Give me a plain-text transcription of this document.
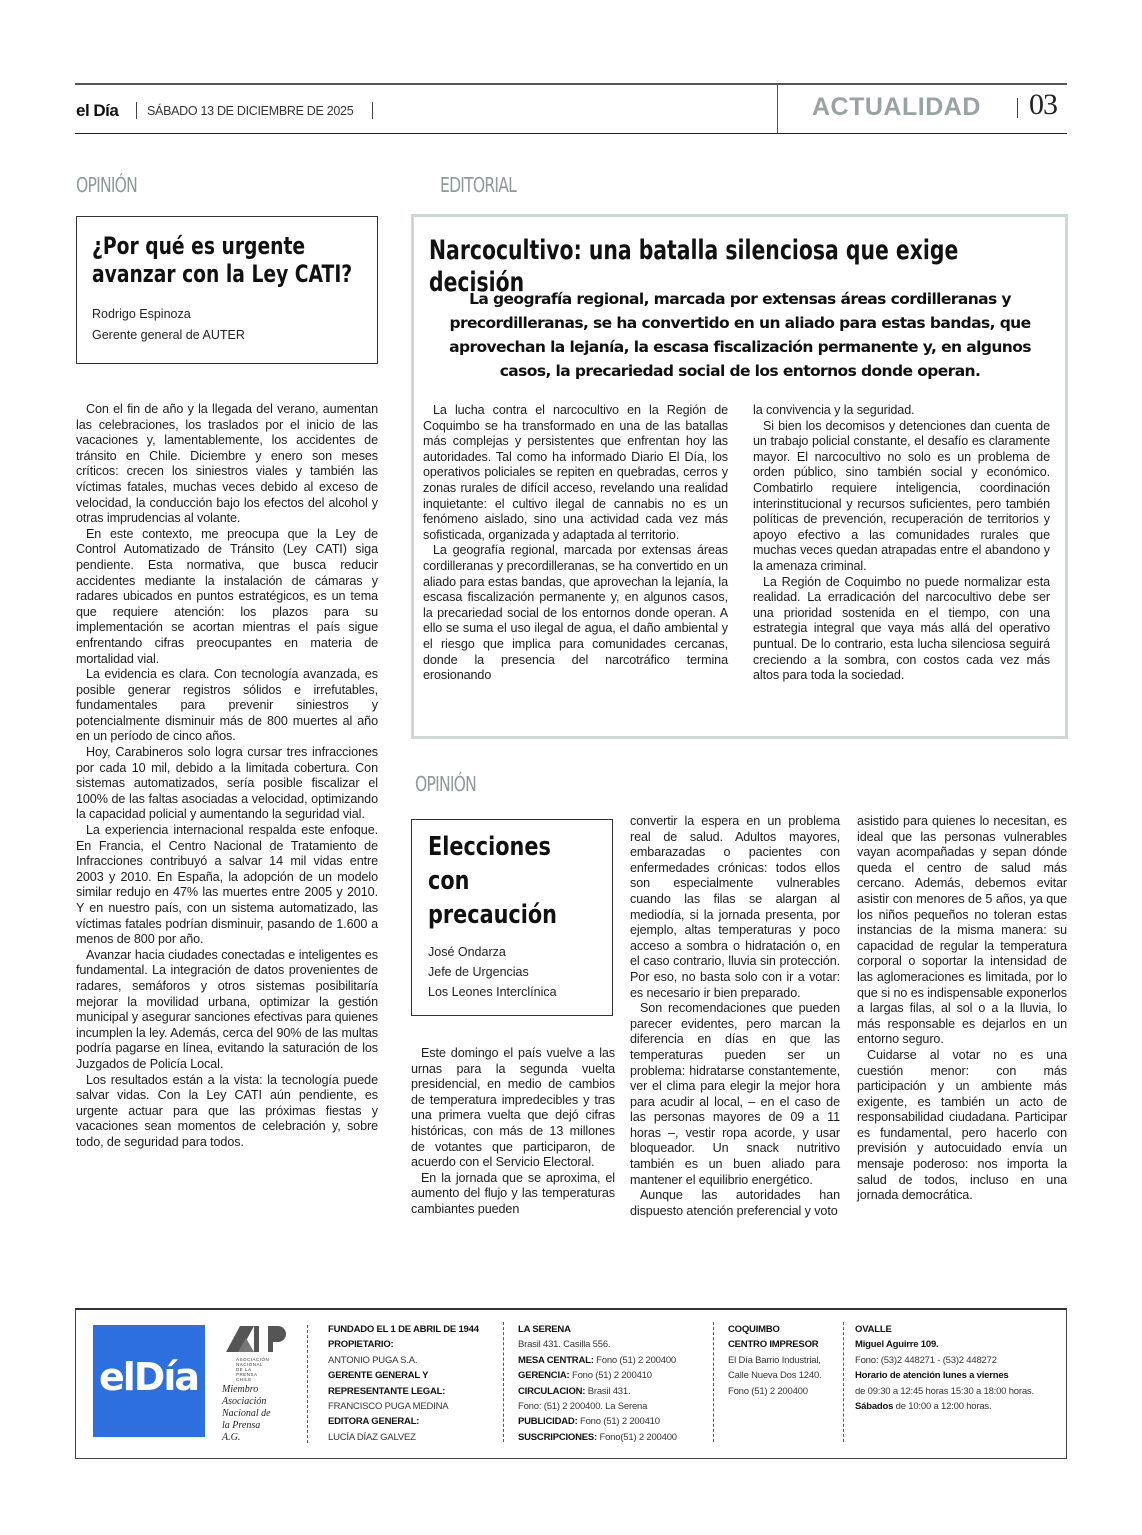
el Día SÁBADO 13 DE DICIEMBRE DE 2025	ACTUALIDAD 03
OPINIÓN
¿Por qué es urgente avanzar con la Ley CATI?
Rodrigo Espinoza
Gerente general de AUTER

Con el fin de año y la llegada del verano, aumentan las celebraciones, los traslados por el inicio de las vacaciones y, lamentablemente, los accidentes de tránsito en Chile. Diciembre y enero son meses críticos: crecen los siniestros viales y también las víctimas fatales, muchas veces debido al exceso de velocidad, la conducción bajo los efectos del alcohol y otras imprudencias al volante.

En este contexto, me preocupa que la Ley de Control Automatizado de Tránsito (Ley CATI) siga pendiente. Esta normativa, que busca reducir accidentes mediante la instalación de cámaras y radares ubicados en puntos estratégicos, es un tema que requiere atención: los plazos para su implementación se acortan mientras el país sigue enfrentando cifras preocupantes en materia de mortalidad vial.

La evidencia es clara. Con tecnología avanzada, es posible generar registros sólidos e irrefutables, fundamentales para prevenir siniestros y potencialmente disminuir más de 800 muertes al año en un período de cinco años.

Hoy, Carabineros solo logra cursar tres infracciones por cada 10 mil, debido a la limitada cobertura. Con sistemas automatizados, sería posible fiscalizar el 100% de las faltas asociadas a velocidad, optimizando la capacidad policial y aumentando la seguridad vial.

La experiencia internacional respalda este enfoque. En Francia, el Centro Nacional de Tratamiento de Infracciones contribuyó a salvar 14 mil vidas entre 2003 y 2010. En España, la adopción de un modelo similar redujo en 47% las muertes entre 2005 y 2010. Y en nuestro país, con un sistema automatizado, las víctimas fatales podrían disminuir, pasando de 1.600 a menos de 800 por año.

Avanzar hacia ciudades conectadas e inteligentes es fundamental. La integración de datos provenientes de radares, semáforos y otros sistemas posibilitaría mejorar la movilidad urbana, optimizar la gestión municipal y asegurar sanciones efectivas para quienes incumplen la ley. Además, cerca del 90% de las multas podría pagarse en línea, evitando la saturación de los Juzgados de Policía Local.

Los resultados están a la vista: la tecnología puede salvar vidas. Con la Ley CATI aún pendiente, es urgente actuar para que las próximas fiestas y vacaciones sean momentos de celebración y, sobre todo, de seguridad para todos.

EDITORIAL
Narcocultivo: una batalla silenciosa que exige decisión
La geografía regional, marcada por extensas áreas cordilleranas y precordilleranas, se ha convertido en un aliado para estas bandas, que aprovechan la lejanía, la escasa fiscalización permanente y, en algunos casos, la precariedad social de los entornos donde operan.

La lucha contra el narcocultivo en la Región de Coquimbo se ha transformado en una de las batallas más complejas y persistentes que enfrentan hoy las autoridades. Tal como ha informado Diario El Día, los operativos policiales se repiten en quebradas, cerros y zonas rurales de difícil acceso, revelando una realidad inquietante: el cultivo ilegal de cannabis no es un fenómeno aislado, sino una actividad cada vez más sofisticada, organizada y adaptada al territorio.

La geografía regional, marcada por extensas áreas cordilleranas y precordilleranas, se ha convertido en un aliado para estas bandas, que aprovechan la lejanía, la escasa fiscalización permanente y, en algunos casos, la precariedad social de los entornos donde operan. A ello se suma el uso ilegal de agua, el daño ambiental y el riesgo que implica para comunidades cercanas, donde la presencia del narcotráfico termina erosionando

la convivencia y la seguridad.

Si bien los decomisos y detenciones dan cuenta de un trabajo policial constante, el desafío es claramente mayor. El narcocultivo no solo es un problema de orden público, sino también social y económico. Combatirlo requiere inteligencia, coordinación interinstitucional y recursos suficientes, pero también políticas de prevención, recuperación de territorios y apoyo efectivo a las comunidades rurales que muchas veces quedan atrapadas entre el abandono y la amenaza criminal.

La Región de Coquimbo no puede normalizar esta realidad. La erradicación del narcocultivo debe ser una prioridad sostenida en el tiempo, con una estrategia integral que vaya más allá del operativo puntual. De lo contrario, esta lucha silenciosa seguirá creciendo a la sombra, con costos cada vez más altos para toda la sociedad.

OPINIÓN
Elecciones
con
precaución
José Ondarza
Jefe de Urgencias
Los Leones Interclínica

Este domingo el país vuelve a las urnas para la segunda vuelta presidencial, en medio de cambios de temperatura impredecibles y tras una primera vuelta que dejó cifras históricas, con más de 13 millones de votantes que participaron, de acuerdo con el Servicio Electoral.

En la jornada que se aproxima, el aumento del flujo y las temperaturas cambiantes pueden

convertir la espera en un problema real de salud. Adultos mayores, embarazadas o pacientes con enfermedades crónicas: todos ellos son especialmente vulnerables cuando las filas se alargan al mediodía, si la jornada presenta, por ejemplo, altas temperaturas y poco acceso a sombra o hidratación o, en el caso contrario, lluvia sin protección. Por eso, no basta solo con ir a votar: es necesario ir bien preparado.

Son recomendaciones que pueden parecer evidentes, pero marcan la diferencia en días en que las temperaturas pueden ser un problema: hidratarse constantemente, ver el clima para elegir la mejor hora para acudir al local, – en el caso de las personas mayores de 09 a 11 horas –, vestir ropa acorde, y usar bloqueador. Un snack nutritivo también es un buen aliado para mantener el equilibrio energético.

Aunque las autoridades han dispuesto atención preferencial y voto

asistido para quienes lo necesitan, es ideal que las personas vulnerables vayan acompañadas y sepan dónde queda el centro de salud más cercano. Además, debemos evitar asistir con menores de 5 años, ya que los niños pequeños no toleran estas instancias de la misma manera: su capacidad de regular la temperatura corporal o soportar la intensidad de las aglomeraciones es limitada, por lo que si no es indispensable exponerlos a largas filas, al sol o a la lluvia, lo más responsable es dejarlos en un entorno seguro.

Cuidarse al votar no es una cuestión menor: con más participación y un ambiente más exigente, es también un acto de responsabilidad ciudadana. Participar es fundamental, pero hacerlo con previsión y autocuidado envía un mensaje poderoso: nos importa la salud de todos, incluso en una jornada democrática.

elDía	ASOCIACIÓN NACIONAL DE LA PRENSA CHILE
Miembro
Asociación
Nacional de
la Prensa
A.G.
FUNDADO EL 1 DE ABRIL DE 1944
PROPIETARIO:
ANTONIO PUGA S.A.
GERENTE GENERAL Y
REPRESENTANTE LEGAL:
FRANCISCO PUGA MEDINA
EDITORA GENERAL:
LUCÍA DÍAZ GALVEZ
LA SERENA
Brasil 431. Casilla 556.
MESA CENTRAL: Fono (51) 2 200400
GERENCIA: Fono (51) 2 200410
CIRCULACION: Brasil 431.
Fono: (51) 2 200400. La Serena
PUBLICIDAD: Fono (51) 2 200410
SUSCRIPCIONES: Fono(51) 2 200400
COQUIMBO
CENTRO IMPRESOR
El Día Barrio Industrial,
Calle Nueva Dos 1240.
Fono (51) 2 200400
OVALLE
Miguel Aguirre 109.
Fono: (53)2 448271 - (53)2 448272
Horario de atención lunes a viernes
de 09:30 a 12:45 horas 15:30 a 18:00 horas.
Sábados de 10:00 a 12:00 horas.
